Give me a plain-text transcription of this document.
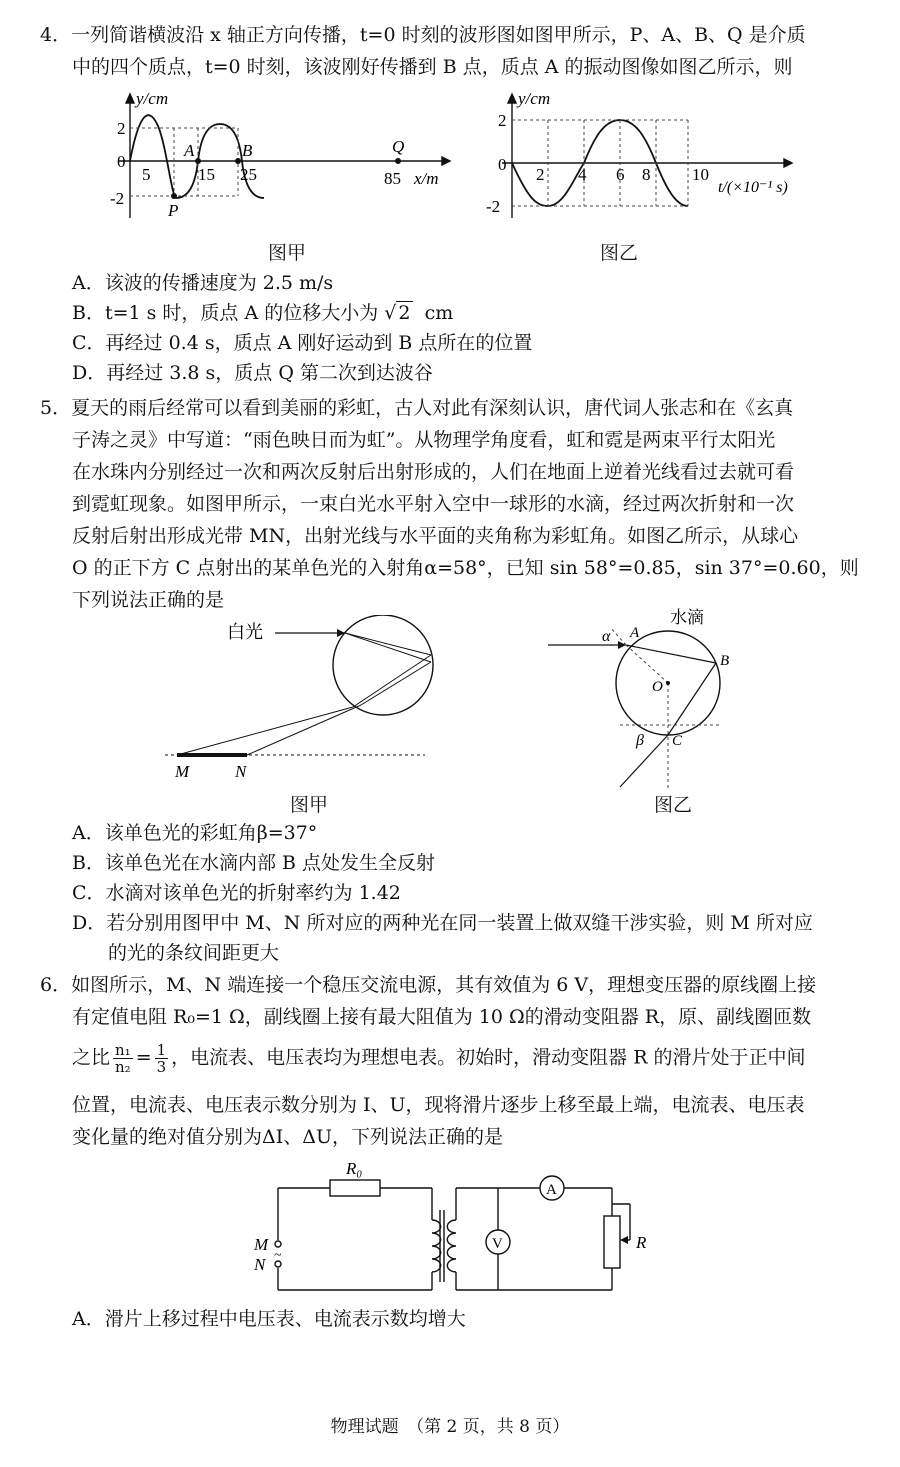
4．一列简谐横波沿 x 轴正方向传播，t=0 时刻的波形图如图甲所示，P、A、B、Q 是介质
中的四个质点，t=0 时刻，该波刚好传播到 B 点，质点 A 的振动图像如图乙所示，则
y/cm
2
0
-2
5	15 25	85 x/m
A	B
P
Q
y/cm
2
0
-2
2 4 6 8 10
t/(×10⁻¹ s)
图甲	图乙
A．该波的传播速度为 2.5 m/s
B．t=1 s 时，质点 A 的位移大小为 √ 2 cm
C．再经过 0.4 s，质点 A 刚好运动到 B 点所在的位置
D．再经过 3.8 s，质点 Q 第二次到达波谷
5．夏天的雨后经常可以看到美丽的彩虹，古人对此有深刻认识，唐代词人张志和在《玄真
子涛之灵》中写道：“雨色映日而为虹”。从物理学角度看，虹和霓是两束平行太阳光
在水珠内分别经过一次和两次反射后出射形成的，人们在地面上逆着光线看过去就可看
到霓虹现象。如图甲所示，一束白光水平射入空中一球形的水滴，经过两次折射和一次
反射后射出形成光带 MN，出射光线与水平面的夹角称为彩虹角。如图乙所示，从球心
O 的正下方 C 点射出的某单色光的入射角α=58°，已知 sin 58°=0.85，sin 37°=0.60，则
下列说法正确的是
白光
M	N
水滴
α A
B
C
O
β
图甲	图乙
A．该单色光的彩虹角β=37°
B．该单色光在水滴内部 B 点处发生全反射
C．水滴对该单色光的折射率约为 1.42
D．若分别用图甲中 M、N 所对应的两种光在同一装置上做双缝干涉实验，则 M 所对应
的光的条纹间距更大
6．如图所示，M、N 端连接一个稳压交流电源，其有效值为 6 V，理想变压器的原线圈上接
有定值电阻 R₀=1 Ω，副线圈上接有最大阻值为 10 Ω的滑动变阻器 R，原、副线圈匝数
之比 $\frac{\text{n₁}}{\text{n₂}} = \frac{1}{3}$ ，电流表、电压表均为理想电表。初始时，滑动变阻器 R 的滑片处于正中间
位置，电流表、电压表示数分别为 I、U，现将滑片逐步上移至最上端，电流表、电压表
变化量的绝对值分别为ΔI、ΔU，下列说法正确的是
R₀
M
N ~
A
V	R
A．滑片上移过程中电压表、电流表示数均增大
物理试题　（第 2 页，共 8 页）
